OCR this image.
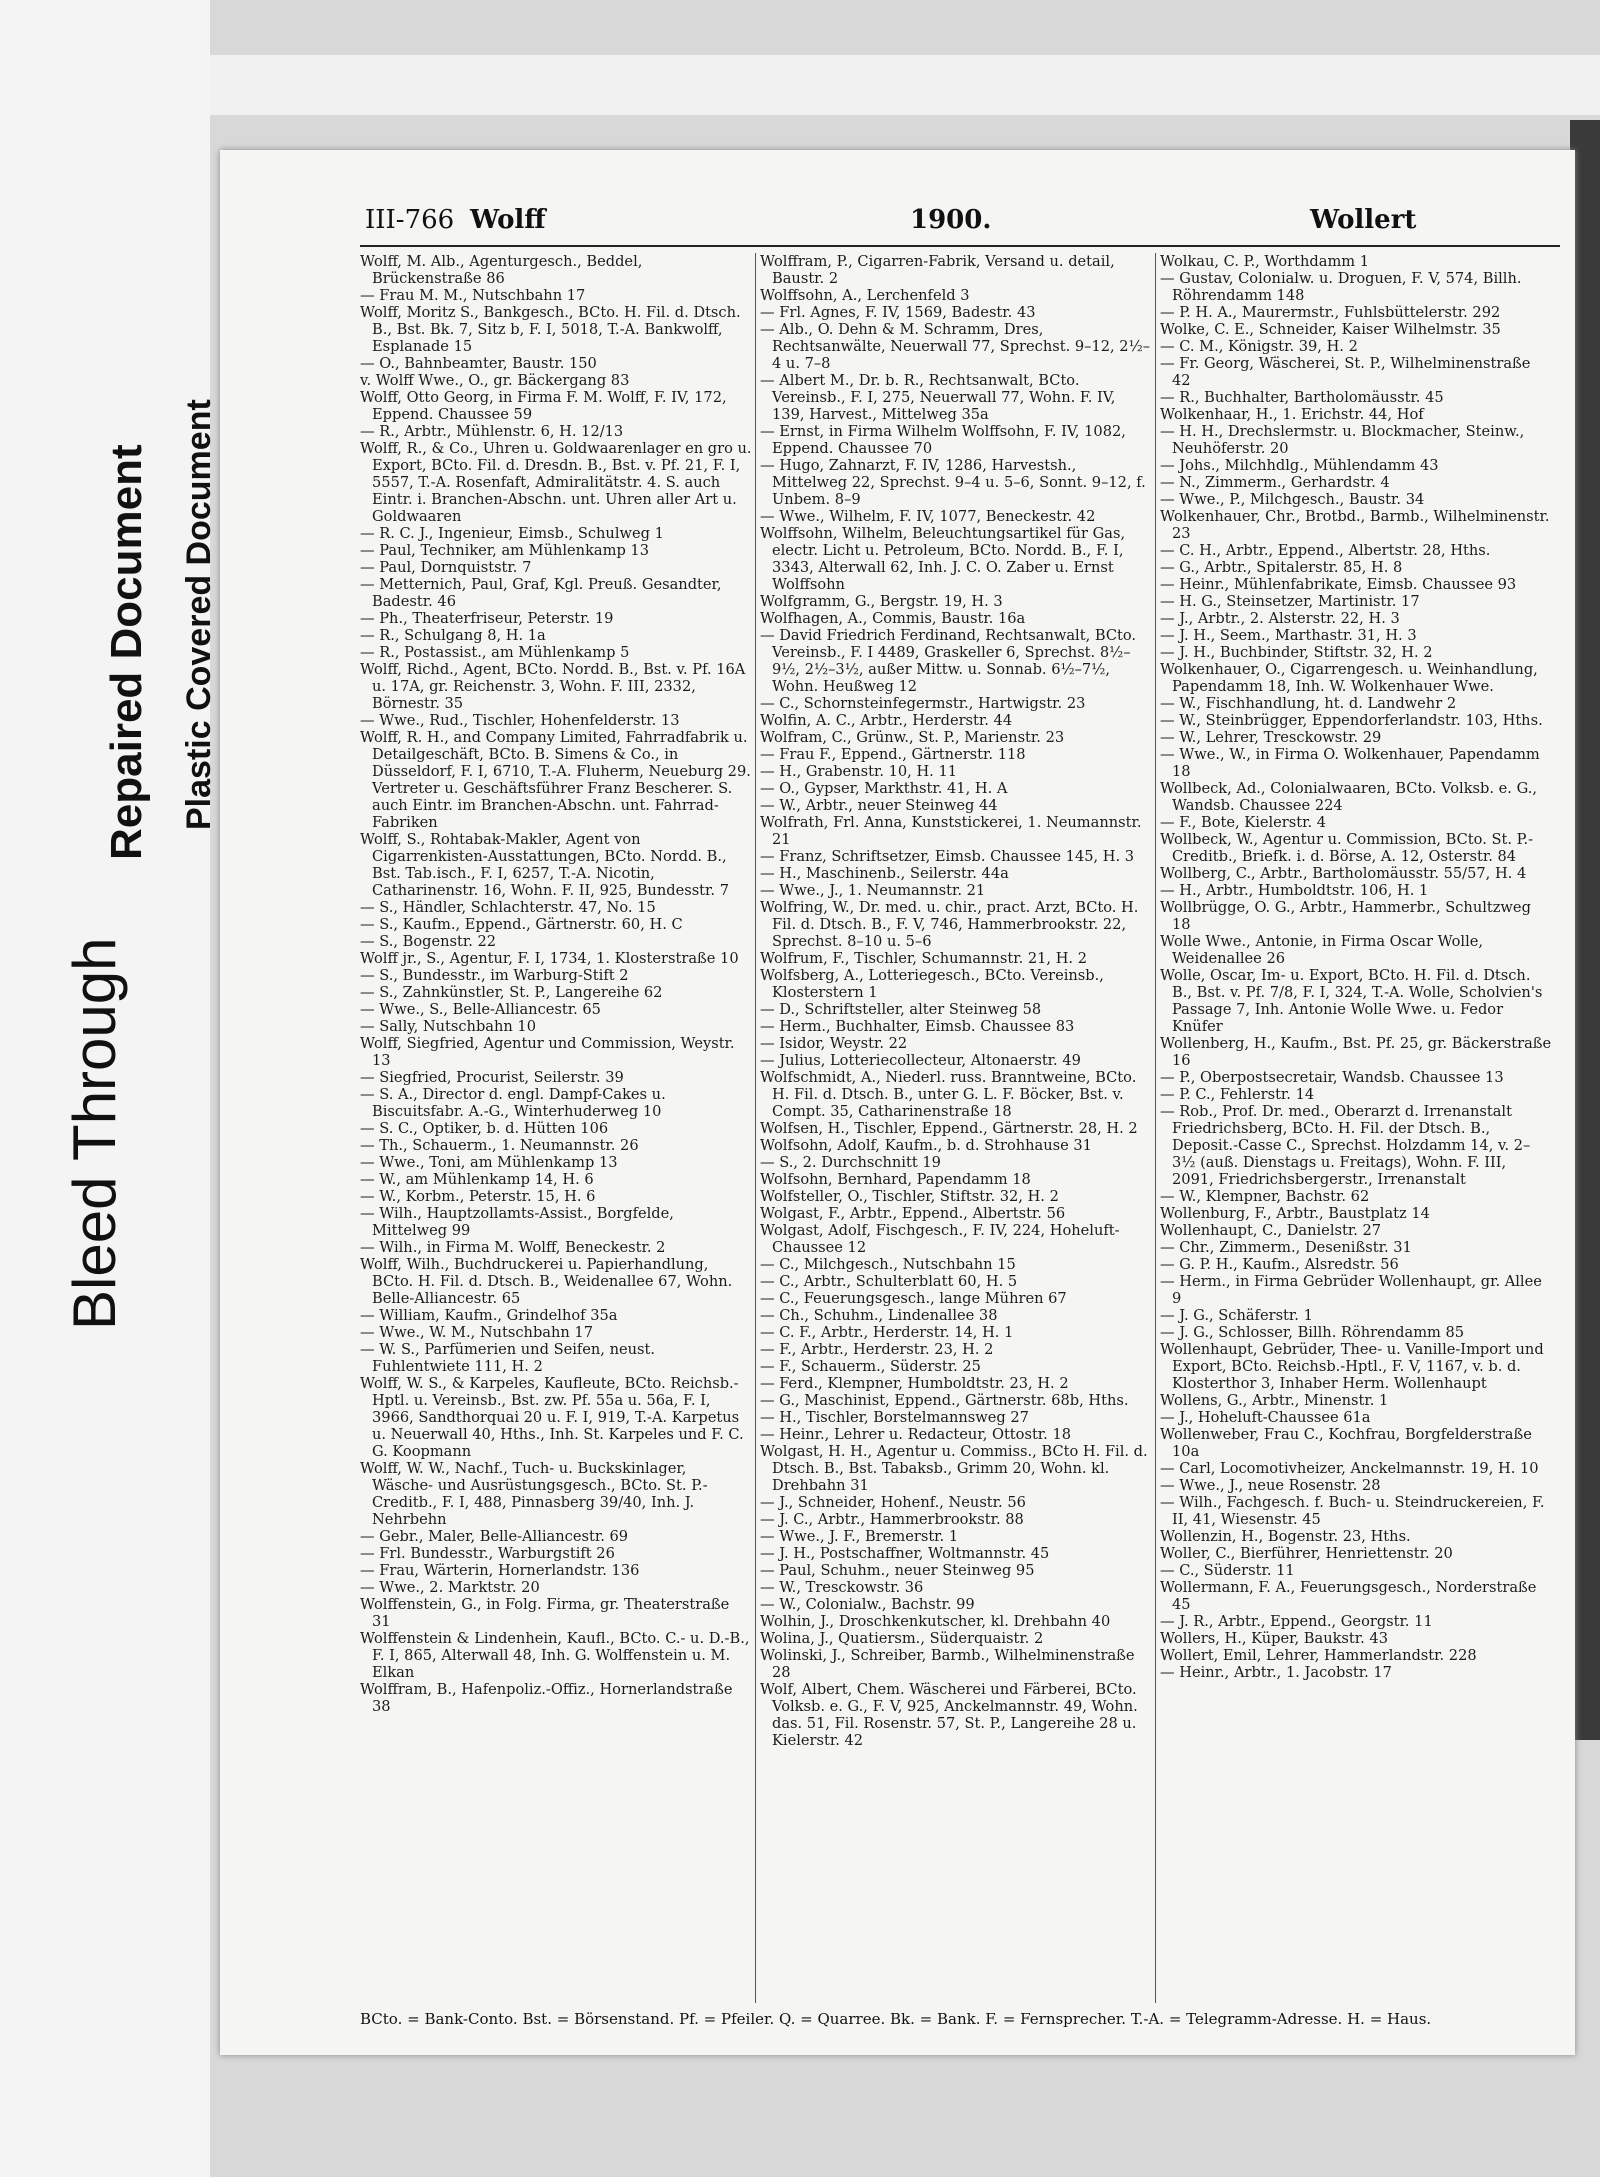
Bleed Through
Repaired Document Plastic Covered Document
III-766 Wolff	1900.	Wollert

Wolff, M. Alb., Agenturgesch., Beddel, Brückenstraße 86

— Frau M. M., Nutschbahn 17

Wolff, Moritz S., Bankgesch., BCto. H. Fil. d. Dtsch. B., Bst. Bk. 7, Sitz b, F. I, 5018, T.-A. Bankwolff, Esplanade 15

— O., Bahnbeamter, Baustr. 150

v. Wolff Wwe., O., gr. Bäckergang 83

Wolff, Otto Georg, in Firma F. M. Wolff, F. IV, 172, Eppend. Chaussee 59

— R., Arbtr., Mühlenstr. 6, H. 12/13

Wolff, R., & Co., Uhren u. Goldwaarenlager en gro u. Export, BCto. Fil. d. Dresdn. B., Bst. v. Pf. 21, F. I, 5557, T.-A. Rosenfaft, Admiralitätstr. 4. S. auch Eintr. i. Branchen-Abschn. unt. Uhren aller Art u. Goldwaaren

— R. C. J., Ingenieur, Eimsb., Schulweg 1

— Paul, Techniker, am Mühlenkamp 13

— Paul, Dornquiststr. 7

— Metternich, Paul, Graf, Kgl. Preuß. Gesandter, Badestr. 46

— Ph., Theaterfriseur, Peterstr. 19

— R., Schulgang 8, H. 1a

— R., Postassist., am Mühlenkamp 5

Wolff, Richd., Agent, BCto. Nordd. B., Bst. v. Pf. 16A u. 17A, gr. Reichenstr. 3, Wohn. F. III, 2332, Börnestr. 35

— Wwe., Rud., Tischler, Hohenfelderstr. 13

Wolff, R. H., and Company Limited, Fahrradfabrik u. Detailgeschäft, BCto. B. Simens & Co., in Düsseldorf, F. I, 6710, T.-A. Fluherm, Neueburg 29. Vertreter u. Geschäftsführer Franz Bescherer. S. auch Eintr. im Branchen-Abschn. unt. Fahrrad-Fabriken

Wolff, S., Rohtabak-Makler, Agent von Cigarrenkisten-Ausstattungen, BCto. Nordd. B., Bst. Tab.isch., F. I, 6257, T.-A. Nicotin, Catharinenstr. 16, Wohn. F. II, 925, Bundesstr. 7

— S., Händler, Schlachterstr. 47, No. 15

— S., Kaufm., Eppend., Gärtnerstr. 60, H. C

— S., Bogenstr. 22

Wolff jr., S., Agentur, F. I, 1734, 1. Klosterstraße 10

— S., Bundesstr., im Warburg-Stift 2

— S., Zahnkünstler, St. P., Langereihe 62

— Wwe., S., Belle-Alliancestr. 65

— Sally, Nutschbahn 10

Wolff, Siegfried, Agentur und Commission, Weystr. 13

— Siegfried, Procurist, Seilerstr. 39

— S. A., Director d. engl. Dampf-Cakes u. Biscuitsfabr. A.-G., Winterhuderweg 10

— S. C., Optiker, b. d. Hütten 106

— Th., Schauerm., 1. Neumannstr. 26

— Wwe., Toni, am Mühlenkamp 13

— W., am Mühlenkamp 14, H. 6

— W., Korbm., Peterstr. 15, H. 6

— Wilh., Hauptzollamts-Assist., Borgfelde, Mittelweg 99

— Wilh., in Firma M. Wolff, Beneckestr. 2

Wolff, Wilh., Buchdruckerei u. Papierhandlung, BCto. H. Fil. d. Dtsch. B., Weidenallee 67, Wohn. Belle-Alliancestr. 65

— William, Kaufm., Grindelhof 35a

— Wwe., W. M., Nutschbahn 17

— W. S., Parfümerien und Seifen, neust. Fuhlentwiete 111, H. 2

Wolff, W. S., & Karpeles, Kaufleute, BCto. Reichsb.-Hptl. u. Vereinsb., Bst. zw. Pf. 55a u. 56a, F. I, 3966, Sandthorquai 20 u. F. I, 919, T.-A. Karpetus u. Neuerwall 40, Hths., Inh. St. Karpeles und F. C. G. Koopmann

Wolff, W. W., Nachf., Tuch- u. Buckskinlager, Wäsche- und Ausrüstungsgesch., BCto. St. P.-Creditb., F. I, 488, Pinnasberg 39/40, Inh. J. Nehrbehn

— Gebr., Maler, Belle-Alliancestr. 69

— Frl. Bundesstr., Warburgstift 26

— Frau, Wärterin, Hornerlandstr. 136

— Wwe., 2. Marktstr. 20

Wolffenstein, G., in Folg. Firma, gr. Theaterstraße 31

Wolffenstein & Lindenhein, Kaufl., BCto. C.- u. D.-B., F. I, 865, Alterwall 48, Inh. G. Wolffenstein u. M. Elkan

Wolffram, B., Hafenpoliz.-Offiz., Hornerlandstraße 38

Wolffram, P., Cigarren-Fabrik, Versand u. detail, Baustr. 2

Wolffsohn, A., Lerchenfeld 3

— Frl. Agnes, F. IV, 1569, Badestr. 43

— Alb., O. Dehn & M. Schramm, Dres, Rechtsanwälte, Neuerwall 77, Sprechst. 9–12, 2½–4 u. 7–8

— Albert M., Dr. b. R., Rechtsanwalt, BCto. Vereinsb., F. I, 275, Neuerwall 77, Wohn. F. IV, 139, Harvest., Mittelweg 35a

— Ernst, in Firma Wilhelm Wolffsohn, F. IV, 1082, Eppend. Chaussee 70

— Hugo, Zahnarzt, F. IV, 1286, Harvestsh., Mittelweg 22, Sprechst. 9–4 u. 5–6, Sonnt. 9–12, f. Unbem. 8–9

— Wwe., Wilhelm, F. IV, 1077, Beneckestr. 42

Wolffsohn, Wilhelm, Beleuchtungsartikel für Gas, electr. Licht u. Petroleum, BCto. Nordd. B., F. I, 3343, Alterwall 62, Inh. J. C. O. Zaber u. Ernst Wolffsohn

Wolfgramm, G., Bergstr. 19, H. 3

Wolfhagen, A., Commis, Baustr. 16a

— David Friedrich Ferdinand, Rechtsanwalt, BCto. Vereinsb., F. I 4489, Graskeller 6, Sprechst. 8½–9½, 2½–3½, außer Mittw. u. Sonnab. 6½–7½, Wohn. Heußweg 12

— C., Schornsteinfegermstr., Hartwigstr. 23

Wolfin, A. C., Arbtr., Herderstr. 44

Wolfram, C., Grünw., St. P., Marienstr. 23

— Frau F., Eppend., Gärtnerstr. 118

— H., Grabenstr. 10, H. 11

— O., Gypser, Markthstr. 41, H. A

— W., Arbtr., neuer Steinweg 44

Wolfrath, Frl. Anna, Kunststickerei, 1. Neumannstr. 21

— Franz, Schriftsetzer, Eimsb. Chaussee 145, H. 3

— H., Maschinenb., Seilerstr. 44a

— Wwe., J., 1. Neumannstr. 21

Wolfring, W., Dr. med. u. chir., pract. Arzt, BCto. H. Fil. d. Dtsch. B., F. V, 746, Hammerbrookstr. 22, Sprechst. 8–10 u. 5–6

Wolfrum, F., Tischler, Schumannstr. 21, H. 2

Wolfsberg, A., Lotteriegesch., BCto. Vereinsb., Klosterstern 1

— D., Schriftsteller, alter Steinweg 58

— Herm., Buchhalter, Eimsb. Chaussee 83

— Isidor, Weystr. 22

— Julius, Lotteriecollecteur, Altonaerstr. 49

Wolfschmidt, A., Niederl. russ. Branntweine, BCto. H. Fil. d. Dtsch. B., unter G. L. F. Böcker, Bst. v. Compt. 35, Catharinenstraße 18

Wolfsen, H., Tischler, Eppend., Gärtnerstr. 28, H. 2

Wolfsohn, Adolf, Kaufm., b. d. Strohhause 31

— S., 2. Durchschnitt 19

Wolfsohn, Bernhard, Papendamm 18

Wolfsteller, O., Tischler, Stiftstr. 32, H. 2

Wolgast, F., Arbtr., Eppend., Albertstr. 56

Wolgast, Adolf, Fischgesch., F. IV, 224, Hoheluft-Chaussee 12

— C., Milchgesch., Nutschbahn 15

— C., Arbtr., Schulterblatt 60, H. 5

— C., Feuerungsgesch., lange Mühren 67

— Ch., Schuhm., Lindenallee 38

— C. F., Arbtr., Herderstr. 14, H. 1

— F., Arbtr., Herderstr. 23, H. 2

— F., Schauerm., Süderstr. 25

— Ferd., Klempner, Humboldtstr. 23, H. 2

— G., Maschinist, Eppend., Gärtnerstr. 68b, Hths.

— H., Tischler, Borstelmannsweg 27

— Heinr., Lehrer u. Redacteur, Ottostr. 18

Wolgast, H. H., Agentur u. Commiss., BCto H. Fil. d. Dtsch. B., Bst. Tabaksb., Grimm 20, Wohn. kl. Drehbahn 31

— J., Schneider, Hohenf., Neustr. 56

— J. C., Arbtr., Hammerbrookstr. 88

— Wwe., J. F., Bremerstr. 1

— J. H., Postschaffner, Woltmannstr. 45

— Paul, Schuhm., neuer Steinweg 95

— W., Tresckowstr. 36

— W., Colonialw., Bachstr. 99

Wolhin, J., Droschkenkutscher, kl. Drehbahn 40

Wolina, J., Quatiersm., Süderquaistr. 2

Wolinski, J., Schreiber, Barmb., Wilhelminenstraße 28

Wolf, Albert, Chem. Wäscherei und Färberei, BCto. Volksb. e. G., F. V, 925, Anckelmannstr. 49, Wohn. das. 51, Fil. Rosenstr. 57, St. P., Langereihe 28 u. Kielerstr. 42

Wolkau, C. P., Worthdamm 1

— Gustav, Colonialw. u. Droguen, F. V, 574, Billh. Röhrendamm 148

— P. H. A., Maurermstr., Fuhlsbüttelerstr. 292

Wolke, C. E., Schneider, Kaiser Wilhelmstr. 35

— C. M., Königstr. 39, H. 2

— Fr. Georg, Wäscherei, St. P., Wilhelminenstraße 42

— R., Buchhalter, Bartholomäusstr. 45

Wolkenhaar, H., 1. Erichstr. 44, Hof

— H. H., Drechslermstr. u. Blockmacher, Steinw., Neuhöferstr. 20

— Johs., Milchhdlg., Mühlendamm 43

— N., Zimmerm., Gerhardstr. 4

— Wwe., P., Milchgesch., Baustr. 34

Wolkenhauer, Chr., Brotbd., Barmb., Wilhelminenstr. 23

— C. H., Arbtr., Eppend., Albertstr. 28, Hths.

— G., Arbtr., Spitalerstr. 85, H. 8

— Heinr., Mühlenfabrikate, Eimsb. Chaussee 93

— H. G., Steinsetzer, Martinistr. 17

— J., Arbtr., 2. Alsterstr. 22, H. 3

— J. H., Seem., Marthastr. 31, H. 3

— J. H., Buchbinder, Stiftstr. 32, H. 2

Wolkenhauer, O., Cigarrengesch. u. Weinhandlung, Papendamm 18, Inh. W. Wolkenhauer Wwe.

— W., Fischhandlung, ht. d. Landwehr 2

— W., Steinbrügger, Eppendorferlandstr. 103, Hths.

— W., Lehrer, Tresckowstr. 29

— Wwe., W., in Firma O. Wolkenhauer, Papendamm 18

Wollbeck, Ad., Colonialwaaren, BCto. Volksb. e. G., Wandsb. Chaussee 224

— F., Bote, Kielerstr. 4

Wollbeck, W., Agentur u. Commission, BCto. St. P.-Creditb., Briefk. i. d. Börse, A. 12, Osterstr. 84

Wollberg, C., Arbtr., Bartholomäusstr. 55/57, H. 4

— H., Arbtr., Humboldtstr. 106, H. 1

Wollbrügge, O. G., Arbtr., Hammerbr., Schultzweg 18

Wolle Wwe., Antonie, in Firma Oscar Wolle, Weidenallee 26

Wolle, Oscar, Im- u. Export, BCto. H. Fil. d. Dtsch. B., Bst. v. Pf. 7/8, F. I, 324, T.-A. Wolle, Scholvien's Passage 7, Inh. Antonie Wolle Wwe. u. Fedor Knüfer

Wollenberg, H., Kaufm., Bst. Pf. 25, gr. Bäckerstraße 16

— P., Oberpostsecretair, Wandsb. Chaussee 13

— P. C., Fehlerstr. 14

— Rob., Prof. Dr. med., Oberarzt d. Irrenanstalt Friedrichsberg, BCto. H. Fil. der Dtsch. B., Deposit.-Casse C., Sprechst. Holzdamm 14, v. 2–3½ (auß. Dienstags u. Freitags), Wohn. F. III, 2091, Friedrichsbergerstr., Irrenanstalt

— W., Klempner, Bachstr. 62

Wollenburg, F., Arbtr., Baustplatz 14

Wollenhaupt, C., Danielstr. 27

— Chr., Zimmerm., Desenißstr. 31

— G. P. H., Kaufm., Alsredstr. 56

— Herm., in Firma Gebrüder Wollenhaupt, gr. Allee 9

— J. G., Schäferstr. 1

— J. G., Schlosser, Billh. Röhrendamm 85

Wollenhaupt, Gebrüder, Thee- u. Vanille-Import und Export, BCto. Reichsb.-Hptl., F. V, 1167, v. b. d. Klosterthor 3, Inhaber Herm. Wollenhaupt

Wollens, G., Arbtr., Minenstr. 1

— J., Hoheluft-Chaussee 61a

Wollenweber, Frau C., Kochfrau, Borgfelderstraße 10a

— Carl, Locomotivheizer, Anckelmannstr. 19, H. 10

— Wwe., J., neue Rosenstr. 28

— Wilh., Fachgesch. f. Buch- u. Steindruckereien, F. II, 41, Wiesenstr. 45

Wollenzin, H., Bogenstr. 23, Hths.

Woller, C., Bierführer, Henriettenstr. 20

— C., Süderstr. 11

Wollermann, F. A., Feuerungsgesch., Norderstraße 45

— J. R., Arbtr., Eppend., Georgstr. 11

Wollers, H., Küper, Baukstr. 43

Wollert, Emil, Lehrer, Hammerlandstr. 228

— Heinr., Arbtr., 1. Jacobstr. 17

BCto. = Bank-Conto. Bst. = Börsenstand. Pf. = Pfeiler. Q. = Quarree. Bk. = Bank. F. = Fernsprecher. T.-A. = Telegramm-Adresse. H. = Haus.
